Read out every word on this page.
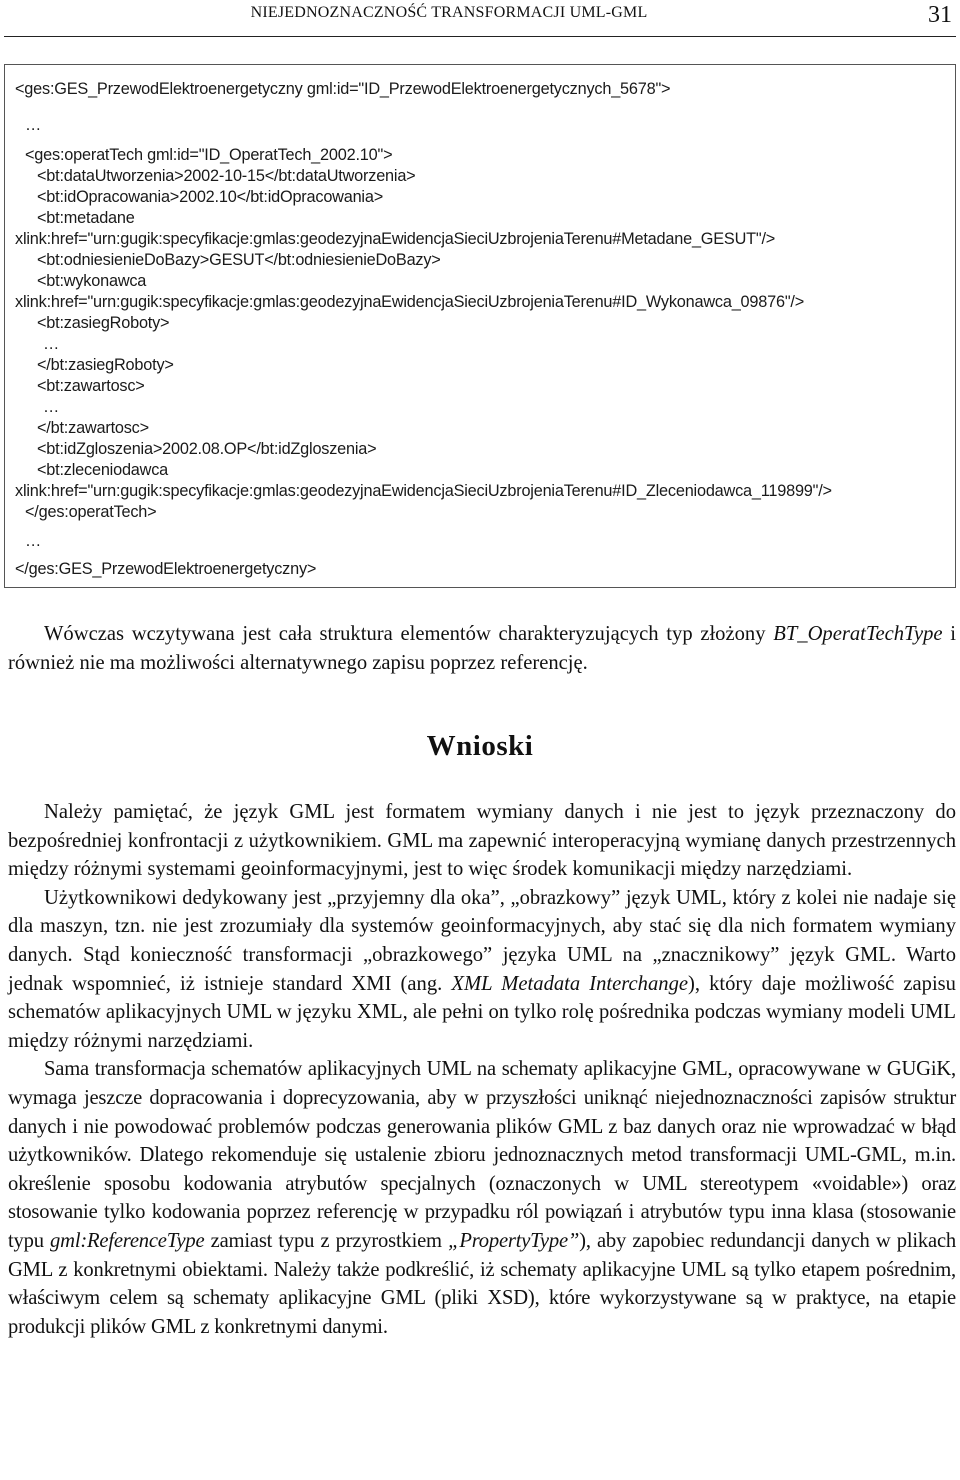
NIEJEDNOZNACZNOŚĆ TRANSFORMACJI UML-GML	31
<ges:GES_PrzewodElektroenergetyczny gml:id="ID_PrzewodElektroenergetycznych_5678">
…
<ges:operatTech gml:id="ID_OperatTech_2002.10">
<bt:dataUtworzenia>2002-10-15</bt:dataUtworzenia>
<bt:idOpracowania>2002.10</bt:idOpracowania>
<bt:metadane
xlink:href="urn:gugik:specyfikacje:gmlas:geodezyjnaEwidencjaSieciUzbrojeniaTerenu#Metadane_GESUT"/>
<bt:odniesienieDoBazy>GESUT</bt:odniesienieDoBazy>
<bt:wykonawca
xlink:href="urn:gugik:specyfikacje:gmlas:geodezyjnaEwidencjaSieciUzbrojeniaTerenu#ID_Wykonawca_09876"/>
<bt:zasiegRoboty>
…
</bt:zasiegRoboty>
<bt:zawartosc>
…
</bt:zawartosc>
<bt:idZgloszenia>2002.08.OP</bt:idZgloszenia>
<bt:zleceniodawca
xlink:href="urn:gugik:specyfikacje:gmlas:geodezyjnaEwidencjaSieciUzbrojeniaTerenu#ID_Zleceniodawca_119899"/>
</ges:operatTech>
…
</ges:GES_PrzewodElektroenergetyczny>

Wówczas wczytywana jest cała struktura elementów charakteryzujących typ złożony BT_OperatTechType i również nie ma możliwości alternatywnego zapisu poprzez referencję.

Wnioski

Należy pamiętać, że język GML jest formatem wymiany danych i nie jest to język przeznaczony do bezpośredniej konfrontacji z użytkownikiem. GML ma zapewnić interoperacyjną wymianę danych przestrzennych między różnymi systemami geoinformacyjnymi, jest to więc środek komunikacji między narzędziami.

Użytkownikowi dedykowany jest „przyjemny dla oka”, „obrazkowy” język UML, który z kolei nie nadaje się dla maszyn, tzn. nie jest zrozumiały dla systemów geoinformacyjnych, aby stać się dla nich formatem wymiany danych. Stąd konieczność transformacji „obrazkowego” języka UML na „znacznikowy” język GML. Warto jednak wspomnieć, iż istnieje standard XMI (ang. XML Metadata Interchange), który daje możliwość zapisu schematów aplikacyjnych UML w języku XML, ale pełni on tylko rolę pośrednika podczas wymiany modeli UML między różnymi narzędziami.

Sama transformacja schematów aplikacyjnych UML na schematy aplikacyjne GML, opracowywane w GUGiK, wymaga jeszcze dopracowania i doprecyzowania, aby w przyszłości uniknąć niejednoznaczności zapisów struktur danych i nie powodować problemów podczas generowania plików GML z baz danych oraz nie wprowadzać w błąd użytkowników. Dlatego rekomenduje się ustalenie zbioru jednoznacznych metod transformacji UML-GML, m.in. określenie sposobu kodowania atrybutów specjalnych (oznaczonych w UML stereotypem «voidable») oraz stosowanie tylko kodowania poprzez referencję w przypadku ról powiązań i atrybutów typu inna klasa (stosowanie typu gml:ReferenceType zamiast typu z przyrostkiem „PropertyType”), aby zapobiec redundancji danych w plikach GML z konkretnymi obiektami. Należy także podkreślić, iż schematy aplikacyjne UML są tylko etapem pośrednim, właściwym celem są schematy aplikacyjne GML (pliki XSD), które wykorzystywane są w praktyce, na etapie produkcji plików GML z konkretnymi danymi.
